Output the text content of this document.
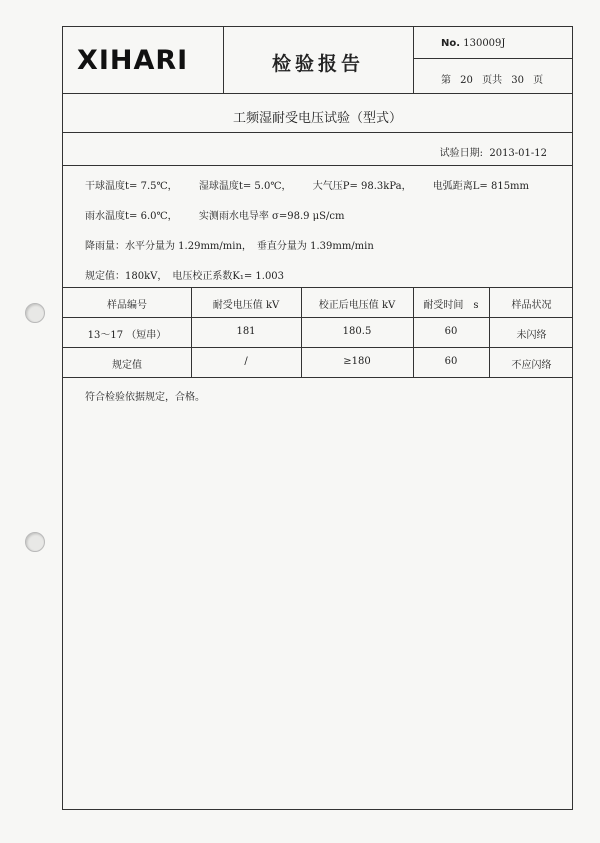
XIHARI	检验报告
No. 130009J
第 20 页共 30 页
工频湿耐受电压试验（型式）
试验日期: 2013-01-12
干球温度t= 7.5℃， 湿球温度t= 5.0℃， 大气压P= 98.3kPa， 电弧距离L= 815mm
雨水温度t= 6.0℃， 实测雨水电导率 σ=98.9 μS/cm
降雨量：水平分量为 1.29mm/min，　垂直分量为 1.39mm/min
规定值：180kV，　电压校正系数K₁= 1.003
样品编号	耐受电压值 kV	校正后电压值 kV	耐受时间　s	样品状况
13～17 （短串）	181	180.5	60	未闪络
规定值	/	≥180	60	不应闪络
符合检验依据规定，合格。
